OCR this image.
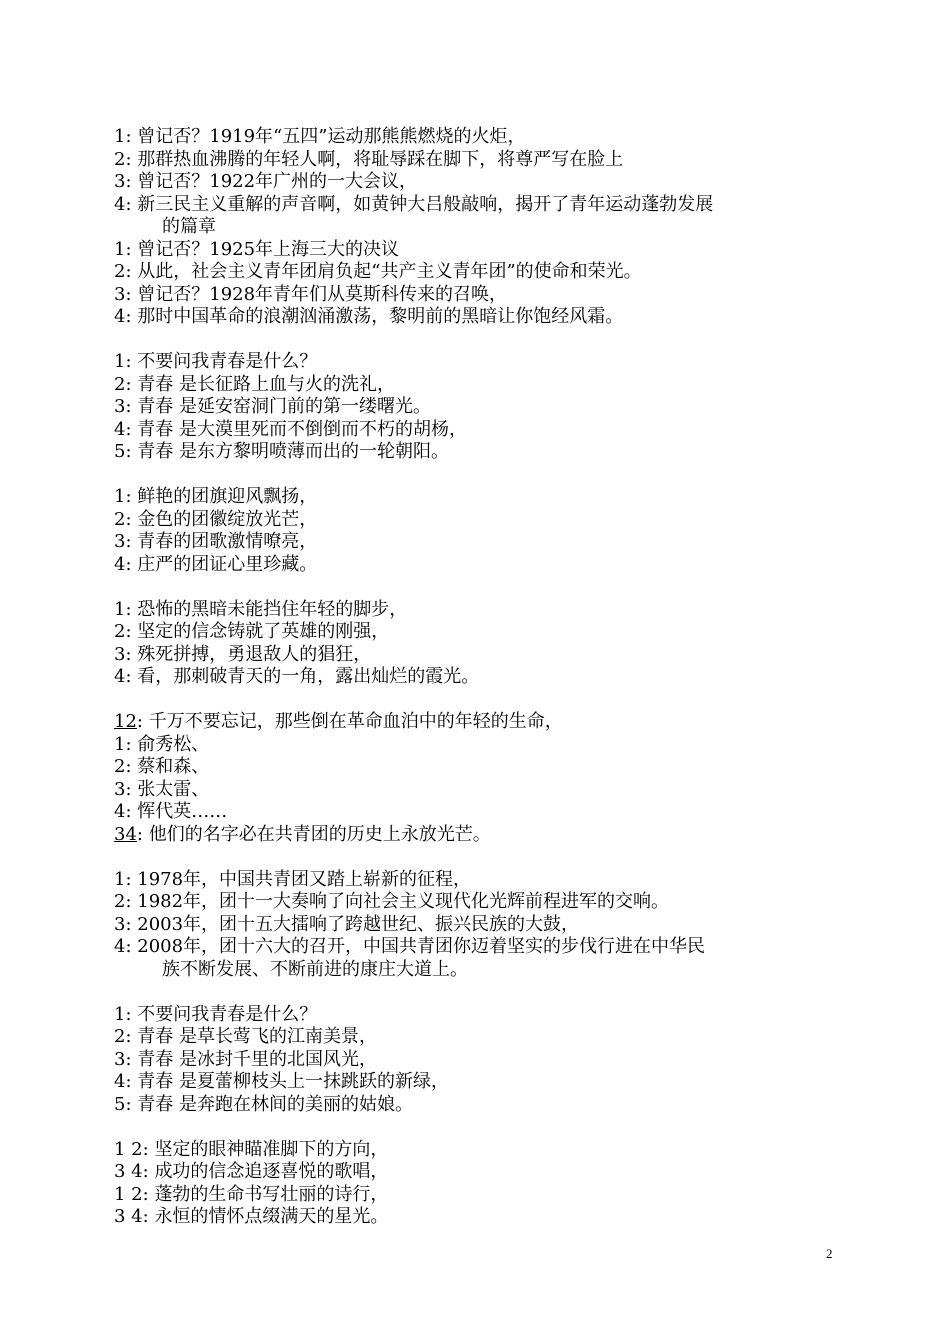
1: 曾记否？1919年“五四”运动那熊熊燃烧的火炬，
2: 那群热血沸腾的年轻人啊，将耻辱踩在脚下，将尊严写在脸上
3: 曾记否？1922年广州的一大会议，
4: 新三民主义重解的声音啊，如黄钟大吕般敲响，揭开了青年运动蓬勃发展
的篇章
1: 曾记否？1925年上海三大的决议
2: 从此，社会主义青年团肩负起“共产主义青年团”的使命和荣光。
3: 曾记否？1928年青年们从莫斯科传来的召唤，
4: 那时中国革命的浪潮汹涌激荡，黎明前的黑暗让你饱经风霜。
1: 不要问我青春是什么？
2: 青春 是长征路上血与火的洗礼，
3: 青春 是延安窑洞门前的第一缕曙光。
4: 青春 是大漠里死而不倒倒而不朽的胡杨，
5: 青春 是东方黎明喷薄而出的一轮朝阳。
1: 鲜艳的团旗迎风飘扬，
2: 金色的团徽绽放光芒，
3: 青春的团歌激情嘹亮，
4: 庄严的团证心里珍藏。
1: 恐怖的黑暗未能挡住年轻的脚步，
2: 坚定的信念铸就了英雄的刚强，
3: 殊死拼搏，勇退敌人的猖狂，
4: 看，那刺破青天的一角，露出灿烂的霞光。
12: 千万不要忘记，那些倒在革命血泊中的年轻的生命，
1: 俞秀松、
2: 蔡和森、
3: 张太雷、
4: 恽代英……
34: 他们的名字必在共青团的历史上永放光芒。
1: 1978年，中国共青团又踏上崭新的征程，
2: 1982年，团十一大奏响了向社会主义现代化光辉前程进军的交响。
3: 2003年，团十五大擂响了跨越世纪、振兴民族的大鼓，
4: 2008年，团十六大的召开，中国共青团你迈着坚实的步伐行进在中华民
族不断发展、不断前进的康庄大道上。
1: 不要问我青春是什么？
2: 青春 是草长莺飞的江南美景，
3: 青春 是冰封千里的北国风光，
4: 青春 是夏蕾柳枝头上一抹跳跃的新绿，
5: 青春 是奔跑在林间的美丽的姑娘。
1 2: 坚定的眼神瞄准脚下的方向，
3 4: 成功的信念追逐喜悦的歌唱，
1 2: 蓬勃的生命书写壮丽的诗行，
3 4: 永恒的情怀点缀满天的星光。
2
